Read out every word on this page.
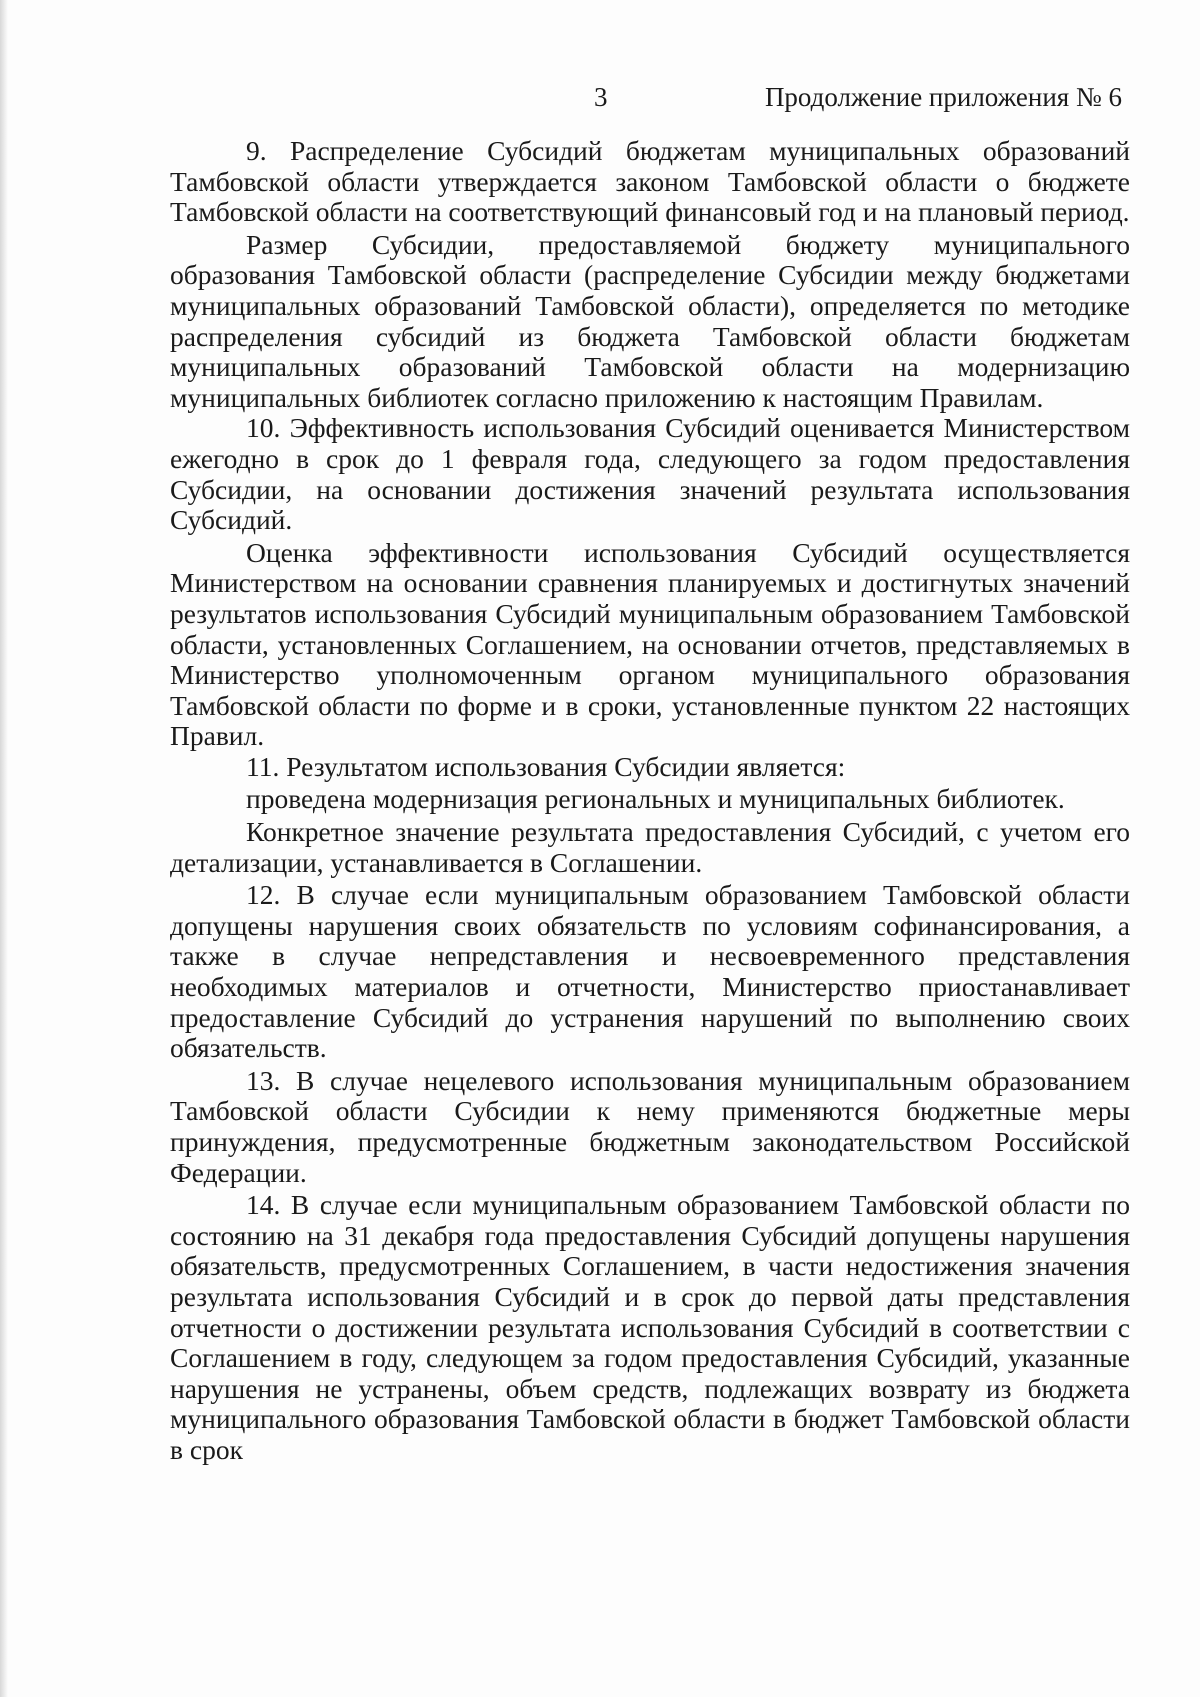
3	Продолжение приложения № 6

9. Распределение Субсидий бюджетам муниципальных образований Тамбовской области утверждается законом Тамбовской области о бюджете Тамбовской области на соответствующий финансовый год и на плановый период.

Размер Субсидии, предоставляемой бюджету муниципального образования Тамбовской области (распределение Субсидии между бюджетами муниципальных образований Тамбовской области), определяется по методике распределения субсидий из бюджета Тамбовской области бюджетам муниципальных образований Тамбовской области на модернизацию муниципальных библиотек согласно приложению к настоящим Правилам.

10. Эффективность использования Субсидий оценивается Министерством ежегодно в срок до 1 февраля года, следующего за годом предоставления Субсидии, на основании достижения значений результата использования Субсидий.

Оценка эффективности использования Субсидий осуществляется Министерством на основании сравнения планируемых и достигнутых значений результатов использования Субсидий муниципальным образованием Тамбовской области, установленных Соглашением, на основании отчетов, представляемых в Министерство уполномоченным органом муниципального образования Тамбовской области по форме и в сроки, установленные пунктом 22 настоящих Правил.

11. Результатом использования Субсидии является:

проведена модернизация региональных и муниципальных библиотек.

Конкретное значение результата предоставления Субсидий, с учетом его детализации, устанавливается в Соглашении.

12. В случае если муниципальным образованием Тамбовской области допущены нарушения своих обязательств по условиям софинансирования, а также в случае непредставления и несвоевременного представления необходимых материалов и отчетности, Министерство приостанавливает предоставление Субсидий до устранения нарушений по выполнению своих обязательств.

13. В случае нецелевого использования муниципальным образованием Тамбовской области Субсидии к нему применяются бюджетные меры принуждения, предусмотренные бюджетным законодательством Российской Федерации.

14. В случае если муниципальным образованием Тамбовской области по состоянию на 31 декабря года предоставления Субсидий допущены нарушения обязательств, предусмотренных Соглашением, в части недостижения значения результата использования Субсидий и в срок до первой даты представления отчетности о достижении результата использования Субсидий в соответствии с Соглашением в году, следующем за годом предоставления Субсидий, указанные нарушения не устранены, объем средств, подлежащих возврату из бюджета муниципального образования Тамбовской области в бюджет Тамбовской области в срок
